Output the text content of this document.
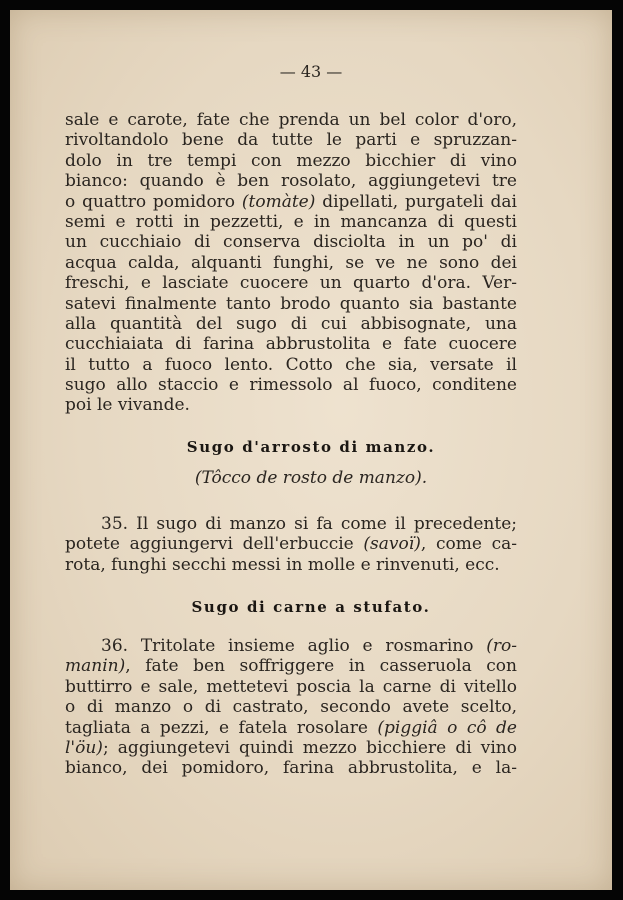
— 43 —
sale e carote, fate che prenda un bel color d'oro,
rivoltandolo bene da tutte le parti e spruzzan-
dolo in tre tempi con mezzo bicchier di vino
bianco: quando è ben rosolato, aggiungetevi tre
o quattro pomidoro (tomàte) dipellati, purgateli dai
semi e rotti in pezzetti, e in mancanza di questi
un cucchiaio di conserva disciolta in un po' di
acqua calda, alquanti funghi, se ve ne sono dei
freschi, e lasciate cuocere un quarto d'ora. Ver-
satevi finalmente tanto brodo quanto sia bastante
alla quantità del sugo di cui abbisognate, una
cucchiaiata di farina abbrustolita e fate cuocere
il tutto a fuoco lento. Cotto che sia, versate il
sugo allo staccio e rimessolo al fuoco, conditene
poi le vivande.
Sugo d'arrosto di manzo.
(Tôcco de rosto de manzo).
35. Il sugo di manzo si fa come il precedente;
potete aggiungervi dell'erbuccie (savoï), come ca-
rota, funghi secchi messi in molle e rinvenuti, ecc.
Sugo di carne a stufato.
36. Tritolate insieme aglio e rosmarino (ro-
manin), fate ben soffriggere in casseruola con
buttirro e sale, mettetevi poscia la carne di vitello
o di manzo o di castrato, secondo avete scelto,
tagliata a pezzi, e fatela rosolare (piggiâ o cô de
l'öu); aggiungetevi quindi mezzo bicchiere di vino
bianco, dei pomidoro, farina abbrustolita, e la-
